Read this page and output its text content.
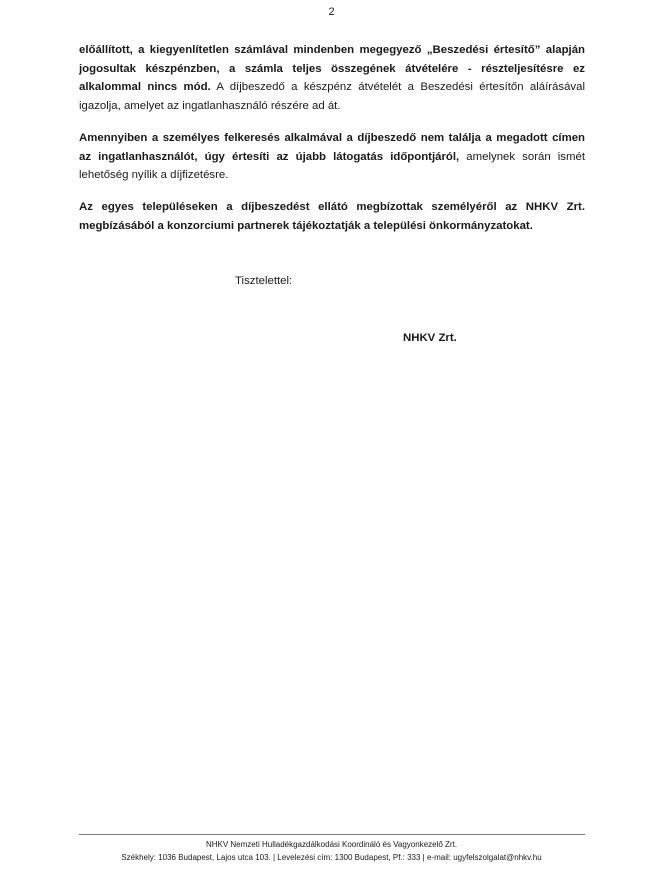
2
előállított, a kiegyenlítetlen számlával mindenben megegyező „Beszedési értesítő” alapján jogosultak készpénzben, a számla teljes összegének átvételére - részteljesítésre ez alkalommal nincs mód. A díjbeszedő a készpénz átvételét a Beszedési értesítőn aláírásával igazolja, amelyet az ingatlanhasználó részére ad át.
Amennyiben a személyes felkeresés alkalmával a díjbeszedő nem találja a megadott címen az ingatlanhasználót, úgy értesíti az újabb látogatás időpontjáról, amelynek során ismét lehetőség nyílik a díjfizetésre.
Az egyes településeken a díjbeszedést ellátó megbízottak személyéről az NHKV Zrt. megbízásából a konzorciumi partnerek tájékoztatják a települési önkormányzatokat.
Tisztelettel:
NHKV Zrt.
NHKV Nemzeti Hulladékgazdálkodási Koordináló és Vagyonkezelő Zrt.
Székhely: 1036 Budapest, Lajos utca 103. | Levelezési cím: 1300 Budapest, Pf.: 333 | e-mail: ugyfelszolgalat@nhkv.hu
